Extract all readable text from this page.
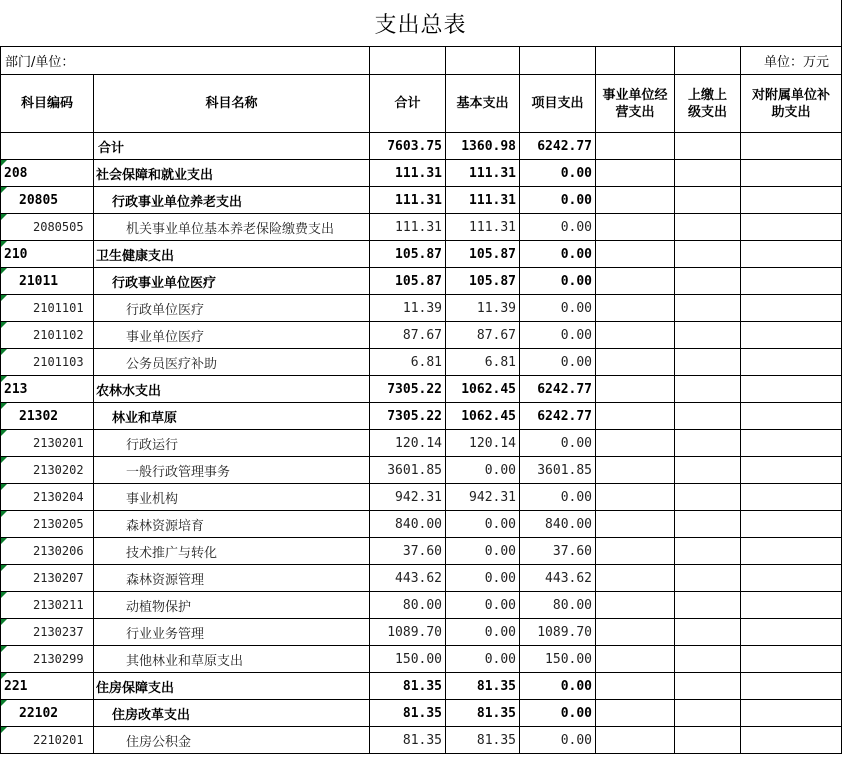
支出总表
部门/单位：							单位：万元
科目编码	科目名称	合计	基本支出	项目支出	事业单位经营支出	上缴上级支出	对附属单位补助支出
	合计	7603.75	1360.98	6242.77			
208	社会保障和就业支出	111.31	111.31	0.00			
20805	行政事业单位养老支出	111.31	111.31	0.00			
2080505	机关事业单位基本养老保险缴费支出	111.31	111.31	0.00			
210	卫生健康支出	105.87	105.87	0.00			
21011	行政事业单位医疗	105.87	105.87	0.00			
2101101	行政单位医疗	11.39	11.39	0.00			
2101102	事业单位医疗	87.67	87.67	0.00			
2101103	公务员医疗补助	6.81	6.81	0.00			
213	农林水支出	7305.22	1062.45	6242.77			
21302	林业和草原	7305.22	1062.45	6242.77			
2130201	行政运行	120.14	120.14	0.00			
2130202	一般行政管理事务	3601.85	0.00	3601.85			
2130204	事业机构	942.31	942.31	0.00			
2130205	森林资源培育	840.00	0.00	840.00			
2130206	技术推广与转化	37.60	0.00	37.60			
2130207	森林资源管理	443.62	0.00	443.62			
2130211	动植物保护	80.00	0.00	80.00			
2130237	行业业务管理	1089.70	0.00	1089.70			
2130299	其他林业和草原支出	150.00	0.00	150.00			
221	住房保障支出	81.35	81.35	0.00			
22102	住房改革支出	81.35	81.35	0.00			
2210201	住房公积金	81.35	81.35	0.00			
